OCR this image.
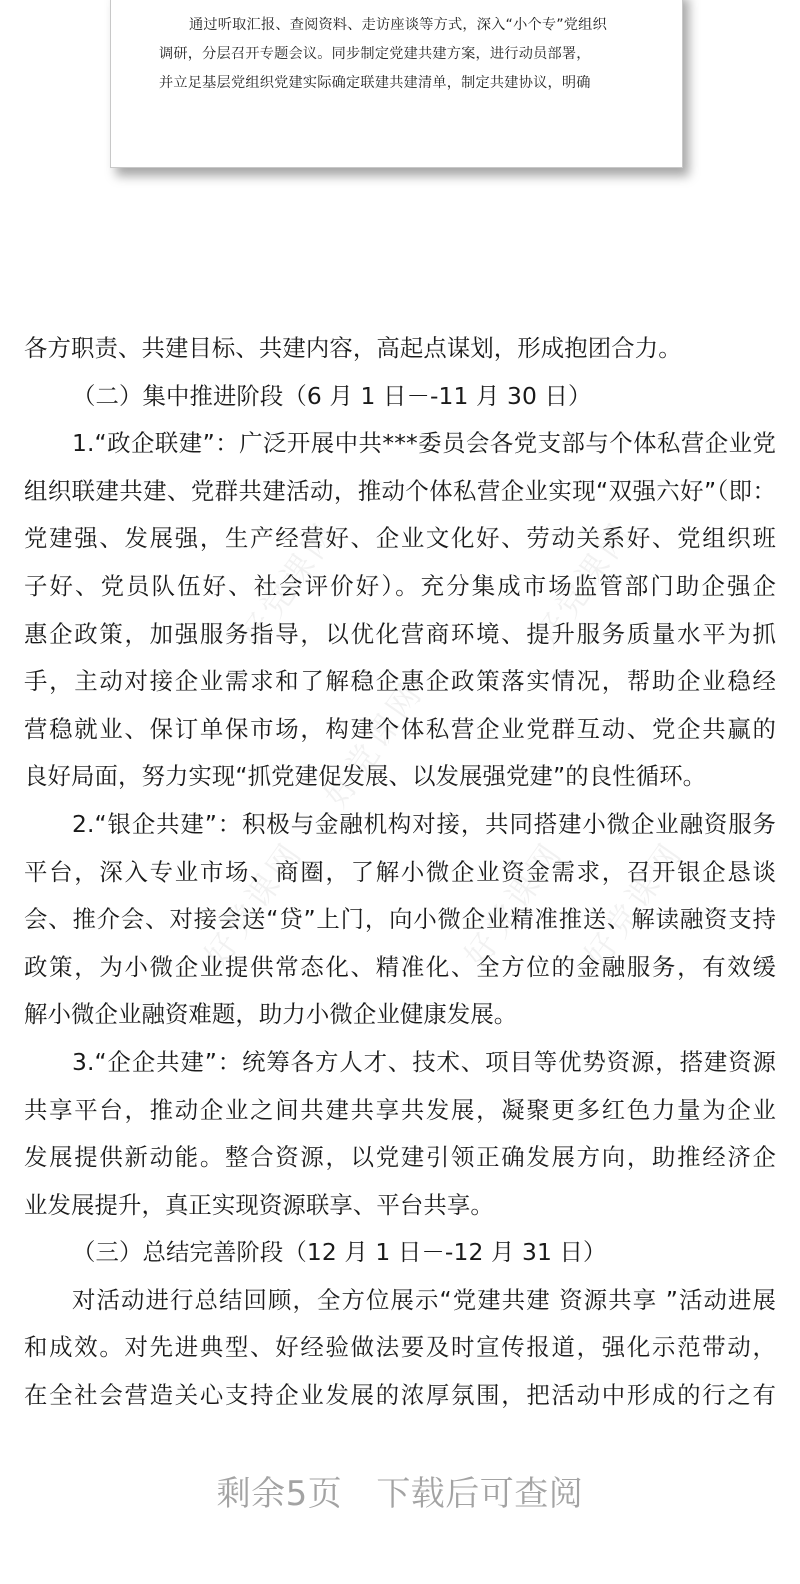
通过听取汇报、查阅资料、走访座谈等方式，深入“小个专”党组织
调研，分层召开专题会议。同步制定党建共建方案，进行动员部署，
并立足基层党组织党建实际确定联建共建清单，制定共建协议，明确
好党课网	好党课网
好党课网
好党课网
好党课网	好党课网
各方职责、共建目标、共建内容，高起点谋划，形成抱团合力。
（二）集中推进阶段（6 月 1 日－-11 月 30 日）
1.“政企联建”：广泛开展中共***委员会各党支部与个体私营企业党
组织联建共建、党群共建活动，推动个体私营企业实现“双强六好”（即：
党建强、发展强，生产经营好、企业文化好、劳动关系好、党组织班
子好、党员队伍好、社会评价好）。充分集成市场监管部门助企强企
惠企政策，加强服务指导，以优化营商环境、提升服务质量水平为抓
手，主动对接企业需求和了解稳企惠企政策落实情况，帮助企业稳经
营稳就业、保订单保市场，构建个体私营企业党群互动、党企共赢的
良好局面，努力实现“抓党建促发展、以发展强党建”的良性循环。
2.“银企共建”：积极与金融机构对接，共同搭建小微企业融资服务
平台，深入专业市场、商圈，了解小微企业资金需求，召开银企恳谈
会、推介会、对接会送“贷”上门，向小微企业精准推送、解读融资支持
政策，为小微企业提供常态化、精准化、全方位的金融服务，有效缓
解小微企业融资难题，助力小微企业健康发展。
3.“企企共建”：统筹各方人才、技术、项目等优势资源，搭建资源
共享平台，推动企业之间共建共享共发展，凝聚更多红色力量为企业
发展提供新动能。整合资源，以党建引领正确发展方向，助推经济企
业发展提升，真正实现资源联享、平台共享。
（三）总结完善阶段（12 月 1 日－-12 月 31 日）
对活动进行总结回顾，全方位展示“党建共建 资源共享 ”活动进展
和成效。对先进典型、好经验做法要及时宣传报道，强化示范带动，
在全社会营造关心支持企业发展的浓厚氛围，把活动中形成的行之有
剩余5页 下载后可查阅
